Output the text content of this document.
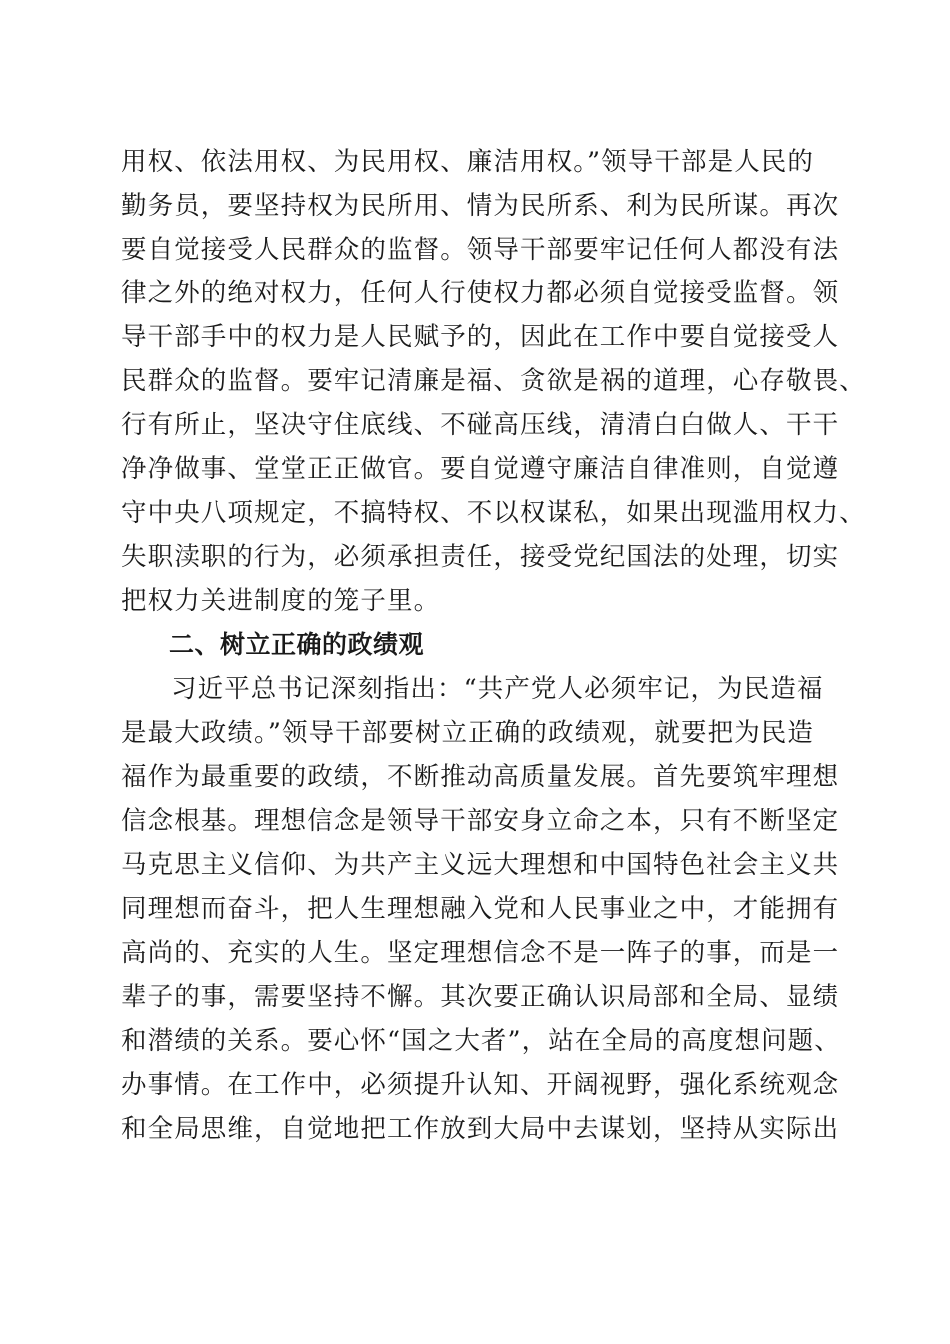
用权、依法用权、为民用权、廉洁用权。”领导干部是人民的
勤务员，要坚持权为民所用、情为民所系、利为民所谋。再次
要自觉接受人民群众的监督。领导干部要牢记任何人都没有法
律之外的绝对权力，任何人行使权力都必须自觉接受监督。领
导干部手中的权力是人民赋予的，因此在工作中要自觉接受人
民群众的监督。要牢记清廉是福、贪欲是祸的道理，心存敬畏、
行有所止，坚决守住底线、不碰高压线，清清白白做人、干干
净净做事、堂堂正正做官。要自觉遵守廉洁自律准则，自觉遵
守中央八项规定，不搞特权、不以权谋私，如果出现滥用权力、
失职渎职的行为，必须承担责任，接受党纪国法的处理，切实
把权力关进制度的笼子里。
二、树立正确的政绩观
习近平总书记深刻指出：“共产党人必须牢记，为民造福
是最大政绩。”领导干部要树立正确的政绩观，就要把为民造
福作为最重要的政绩，不断推动高质量发展。首先要筑牢理想
信念根基。理想信念是领导干部安身立命之本，只有不断坚定
马克思主义信仰、为共产主义远大理想和中国特色社会主义共
同理想而奋斗，把人生理想融入党和人民事业之中，才能拥有
高尚的、充实的人生。坚定理想信念不是一阵子的事，而是一
辈子的事，需要坚持不懈。其次要正确认识局部和全局、显绩
和潜绩的关系。要心怀“国之大者”，站在全局的高度想问题、
办事情。在工作中，必须提升认知、开阔视野，强化系统观念
和全局思维，自觉地把工作放到大局中去谋划，坚持从实际出
